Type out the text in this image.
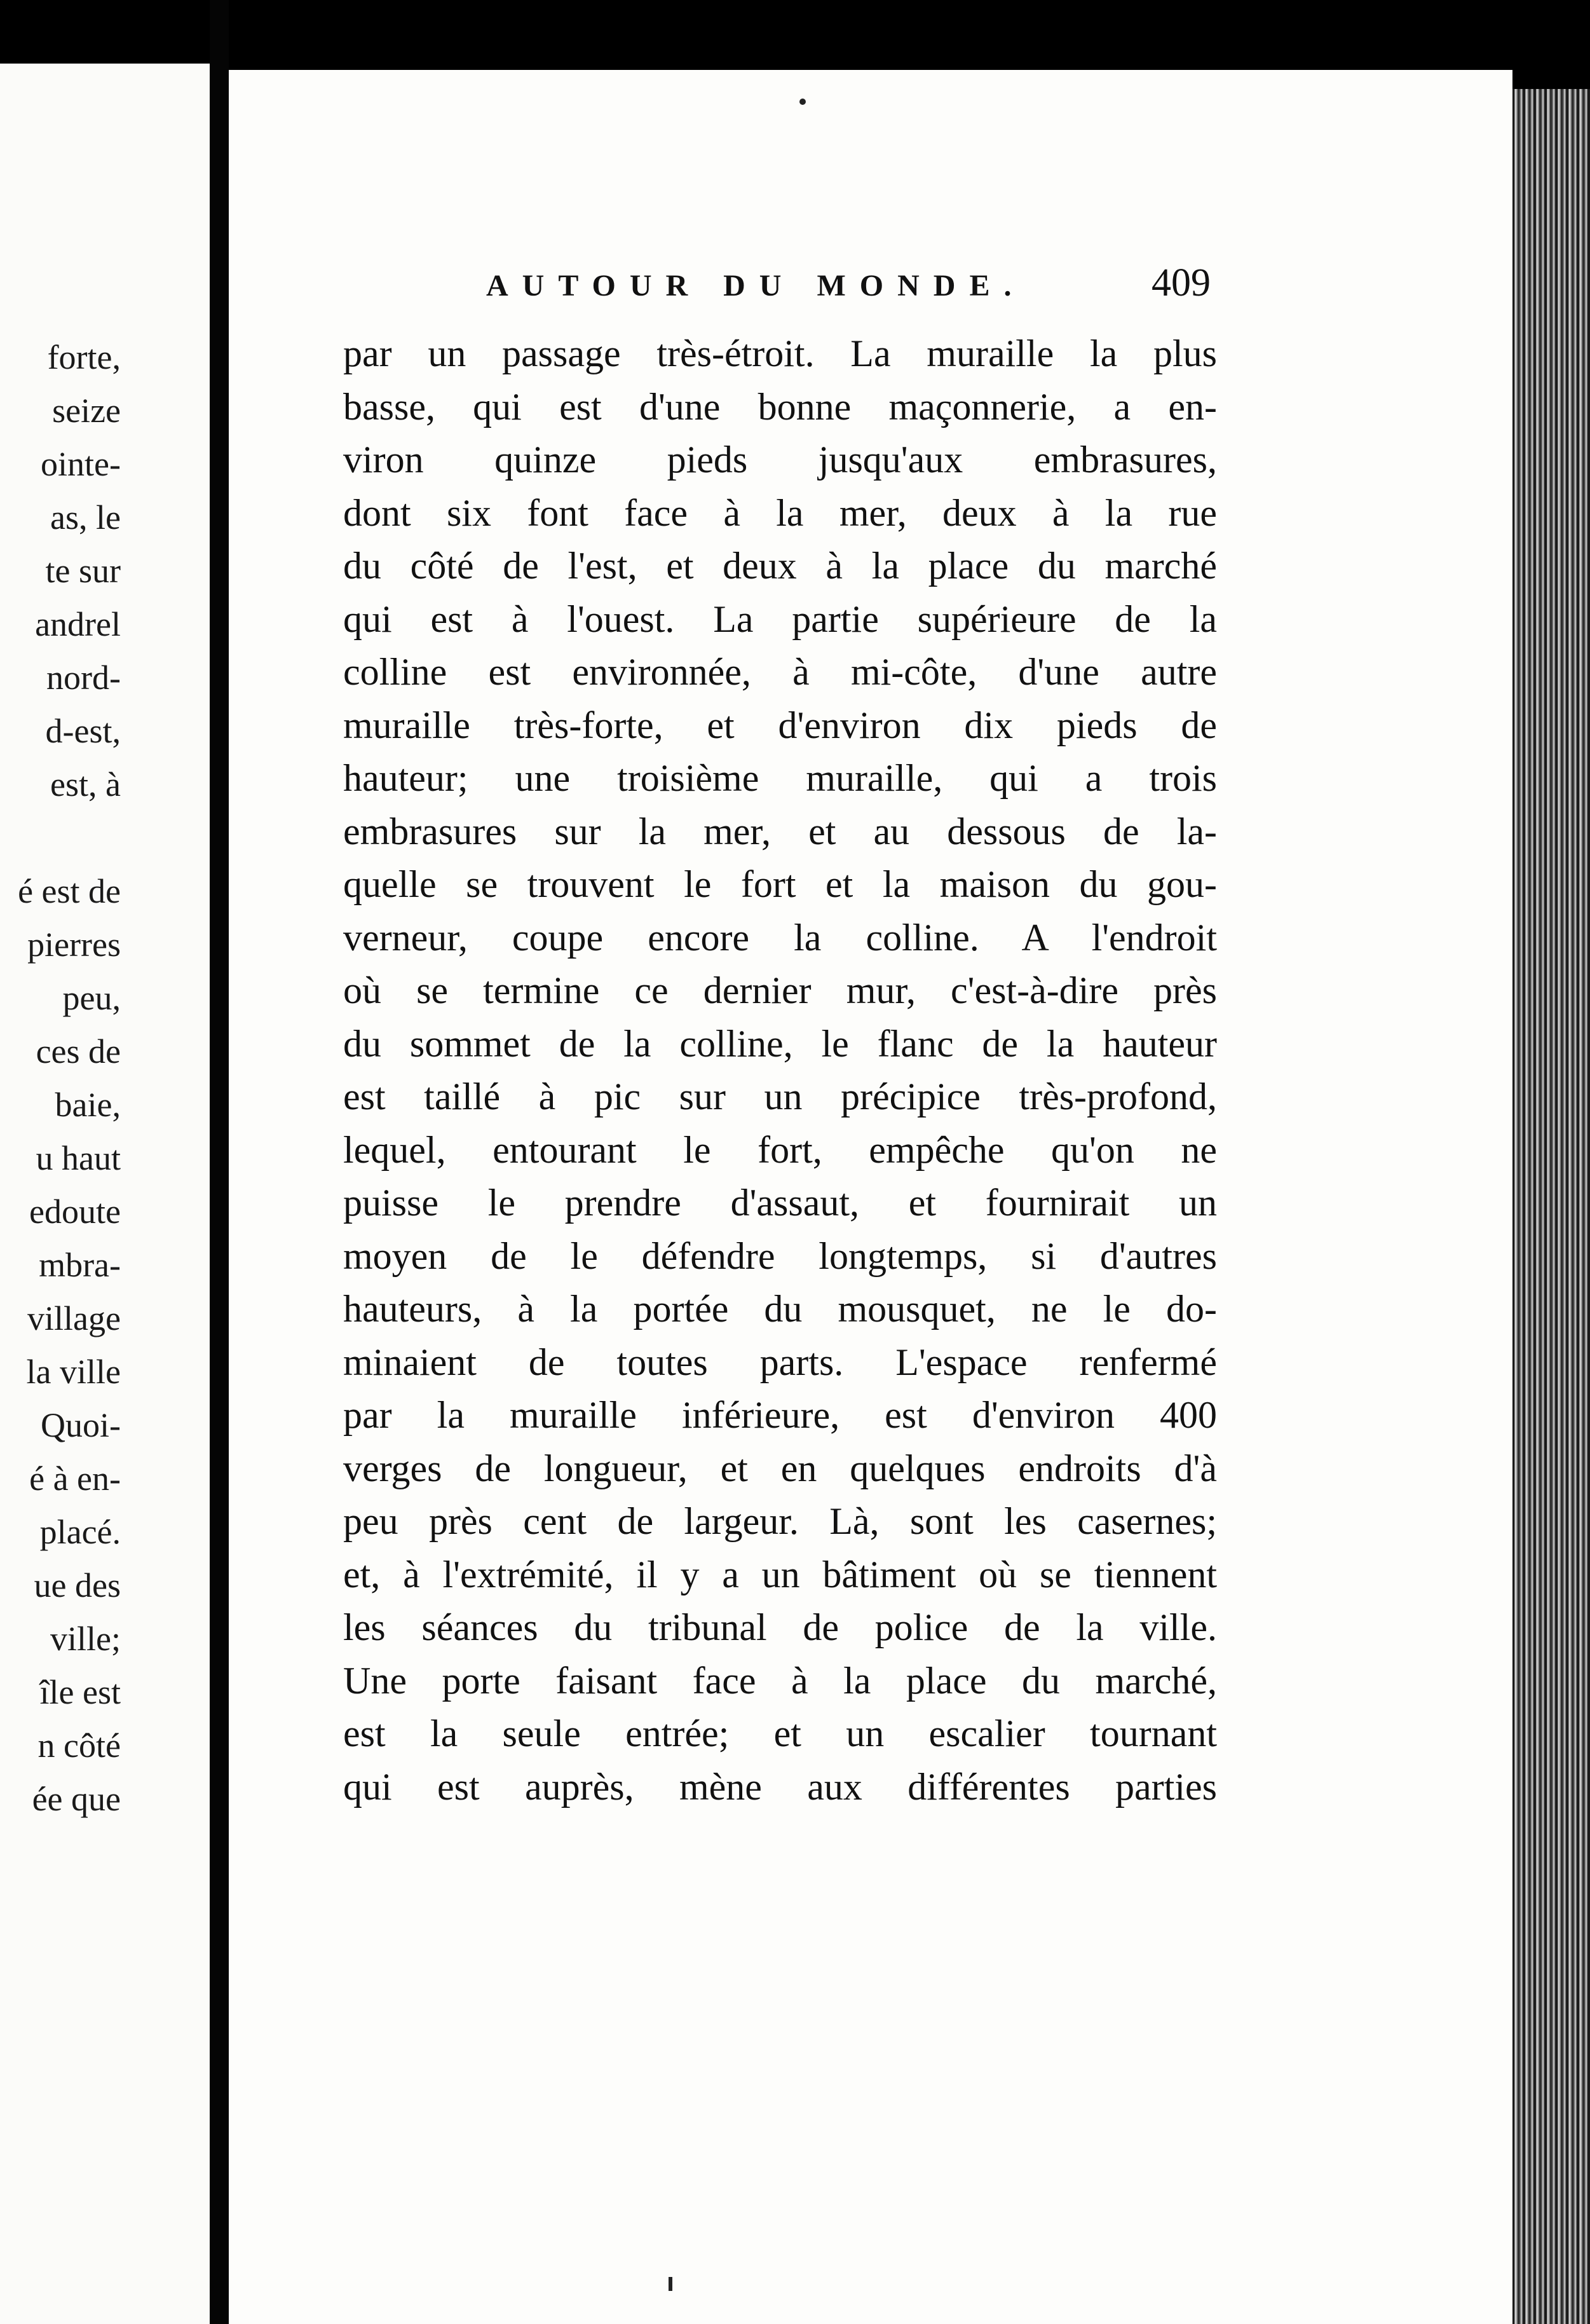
forte,
seize
ointe-
as, le
te sur
andrel
nord-
d-est,
est, à

é est de
pierres
peu,
ces de
baie,
u haut
edoute
mbra-
village
la ville
Quoi-
é à en-
placé.
ue des
ville;
île est
n côté
ée que
AUTOUR DU MONDE.	409
par un passage très-étroit. La muraille la plus
basse, qui est d'une bonne maçonnerie, a en-
viron quinze pieds jusqu'aux embrasures,
dont six font face à la mer, deux à la rue
du côté de l'est, et deux à la place du marché
qui est à l'ouest. La partie supérieure de la
colline est environnée, à mi-côte, d'une autre
muraille très-forte, et d'environ dix pieds de
hauteur; une troisième muraille, qui a trois
embrasures sur la mer, et au dessous de la-
quelle se trouvent le fort et la maison du gou-
verneur, coupe encore la colline. A l'endroit
où se termine ce dernier mur, c'est-à-dire près
du sommet de la colline, le flanc de la hauteur
est taillé à pic sur un précipice très-profond,
lequel, entourant le fort, empêche qu'on ne
puisse le prendre d'assaut, et fournirait un
moyen de le défendre longtemps, si d'autres
hauteurs, à la portée du mousquet, ne le do-
minaient de toutes parts. L'espace renfermé
par la muraille inférieure, est d'environ 400
verges de longueur, et en quelques endroits d'à
peu près cent de largeur. Là, sont les casernes;
et, à l'extrémité, il y a un bâtiment où se tiennent
les séances du tribunal de police de la ville.
Une porte faisant face à la place du marché,
est la seule entrée; et un escalier tournant
qui est auprès, mène aux différentes parties
